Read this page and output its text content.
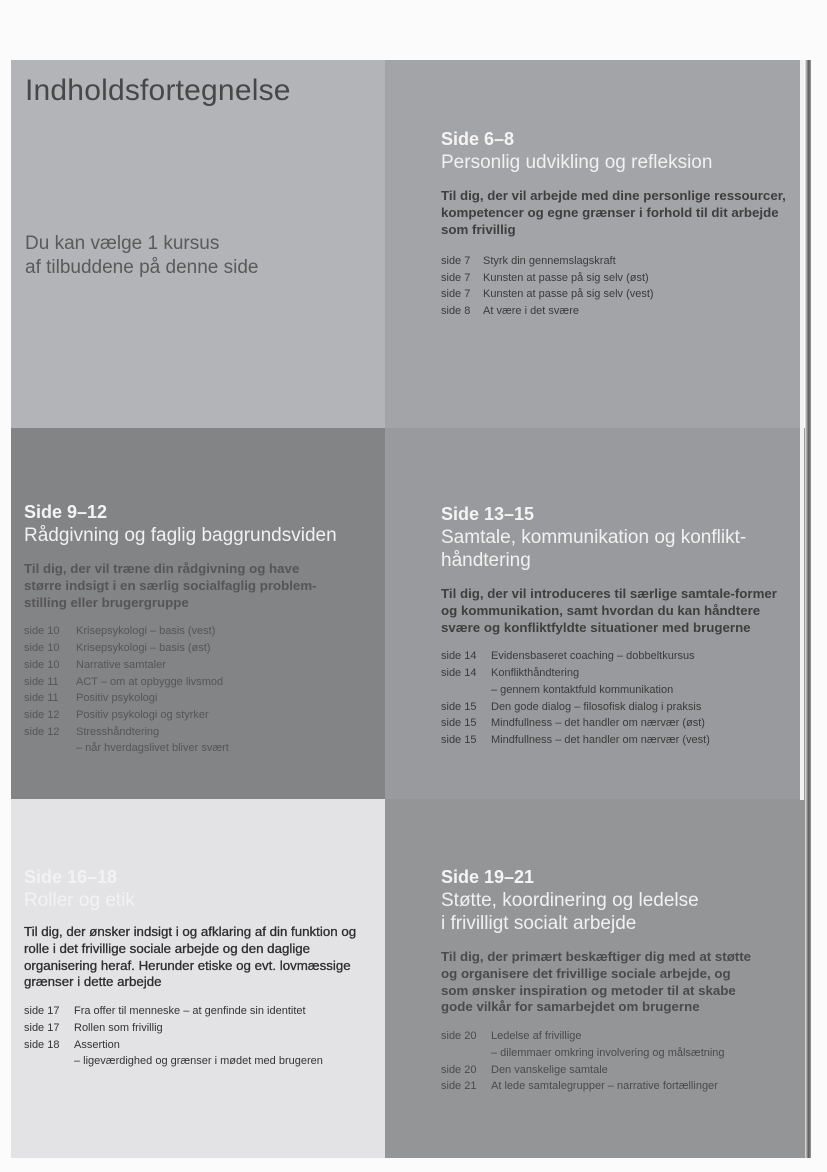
Indholdsfortegnelse
Du kan vælge 1 kursus
af tilbuddene på denne side
Side 6–8
Personlig udvikling og refleksion
Til dig, der vil arbejde med dine personlige ressourcer, kompetencer og egne grænser i forhold til dit arbejde som frivillig
side 7	Styrk din gennemslagskraft
side 7	Kunsten at passe på sig selv (øst)
side 7	Kunsten at passe på sig selv (vest)
side 8	At være i det svære
Side 9–12
Rådgivning og faglig baggrundsviden
Til dig, der vil træne din rådgivning og have større indsigt i en særlig socialfaglig problem-stilling eller brugergruppe
side 10	Krisepsykologi – basis (vest)
side 10	Krisepsykologi – basis (øst)
side 10	Narrative samtaler
side 11	ACT – om at opbygge livsmod
side 11	Positiv psykologi
side 12	Positiv psykologi og styrker
side 12	Stresshåndtering
– når hverdagslivet bliver svært
Side 13–15
Samtale, kommunikation og konflikt-
håndtering
Til dig, der vil introduceres til særlige samtale-former og kommunikation, samt hvordan du kan håndtere svære og konfliktfyldte situationer med brugerne
side 14	Evidensbaseret coaching – dobbeltkursus
side 14	Konflikthåndtering
– gennem kontaktfuld kommunikation
side 15	Den gode dialog – filosofisk dialog i praksis
side 15	Mindfullness – det handler om nærvær (øst)
side 15	Mindfullness – det handler om nærvær (vest)
Side 16–18
Roller og etik
Til dig, der ønsker indsigt i og afklaring af din funktion og rolle i det frivillige sociale arbejde og den daglige organisering heraf. Herunder etiske og evt. lovmæssige grænser i dette arbejde
side 17	Fra offer til menneske – at genfinde sin identitet
side 17	Rollen som frivillig
side 18	Assertion
– ligeværdighed og grænser i mødet med brugeren
Side 19–21
Støtte, koordinering og ledelse
i frivilligt socialt arbejde
Til dig, der primært beskæftiger dig med at støtte og organisere det frivillige sociale arbejde, og som ønsker inspiration og metoder til at skabe gode vilkår for samarbejdet om brugerne
side 20	Ledelse af frivillige
– dilemmaer omkring involvering og målsætning
side 20	Den vanskelige samtale
side 21	At lede samtalegrupper – narrative fortællinger
